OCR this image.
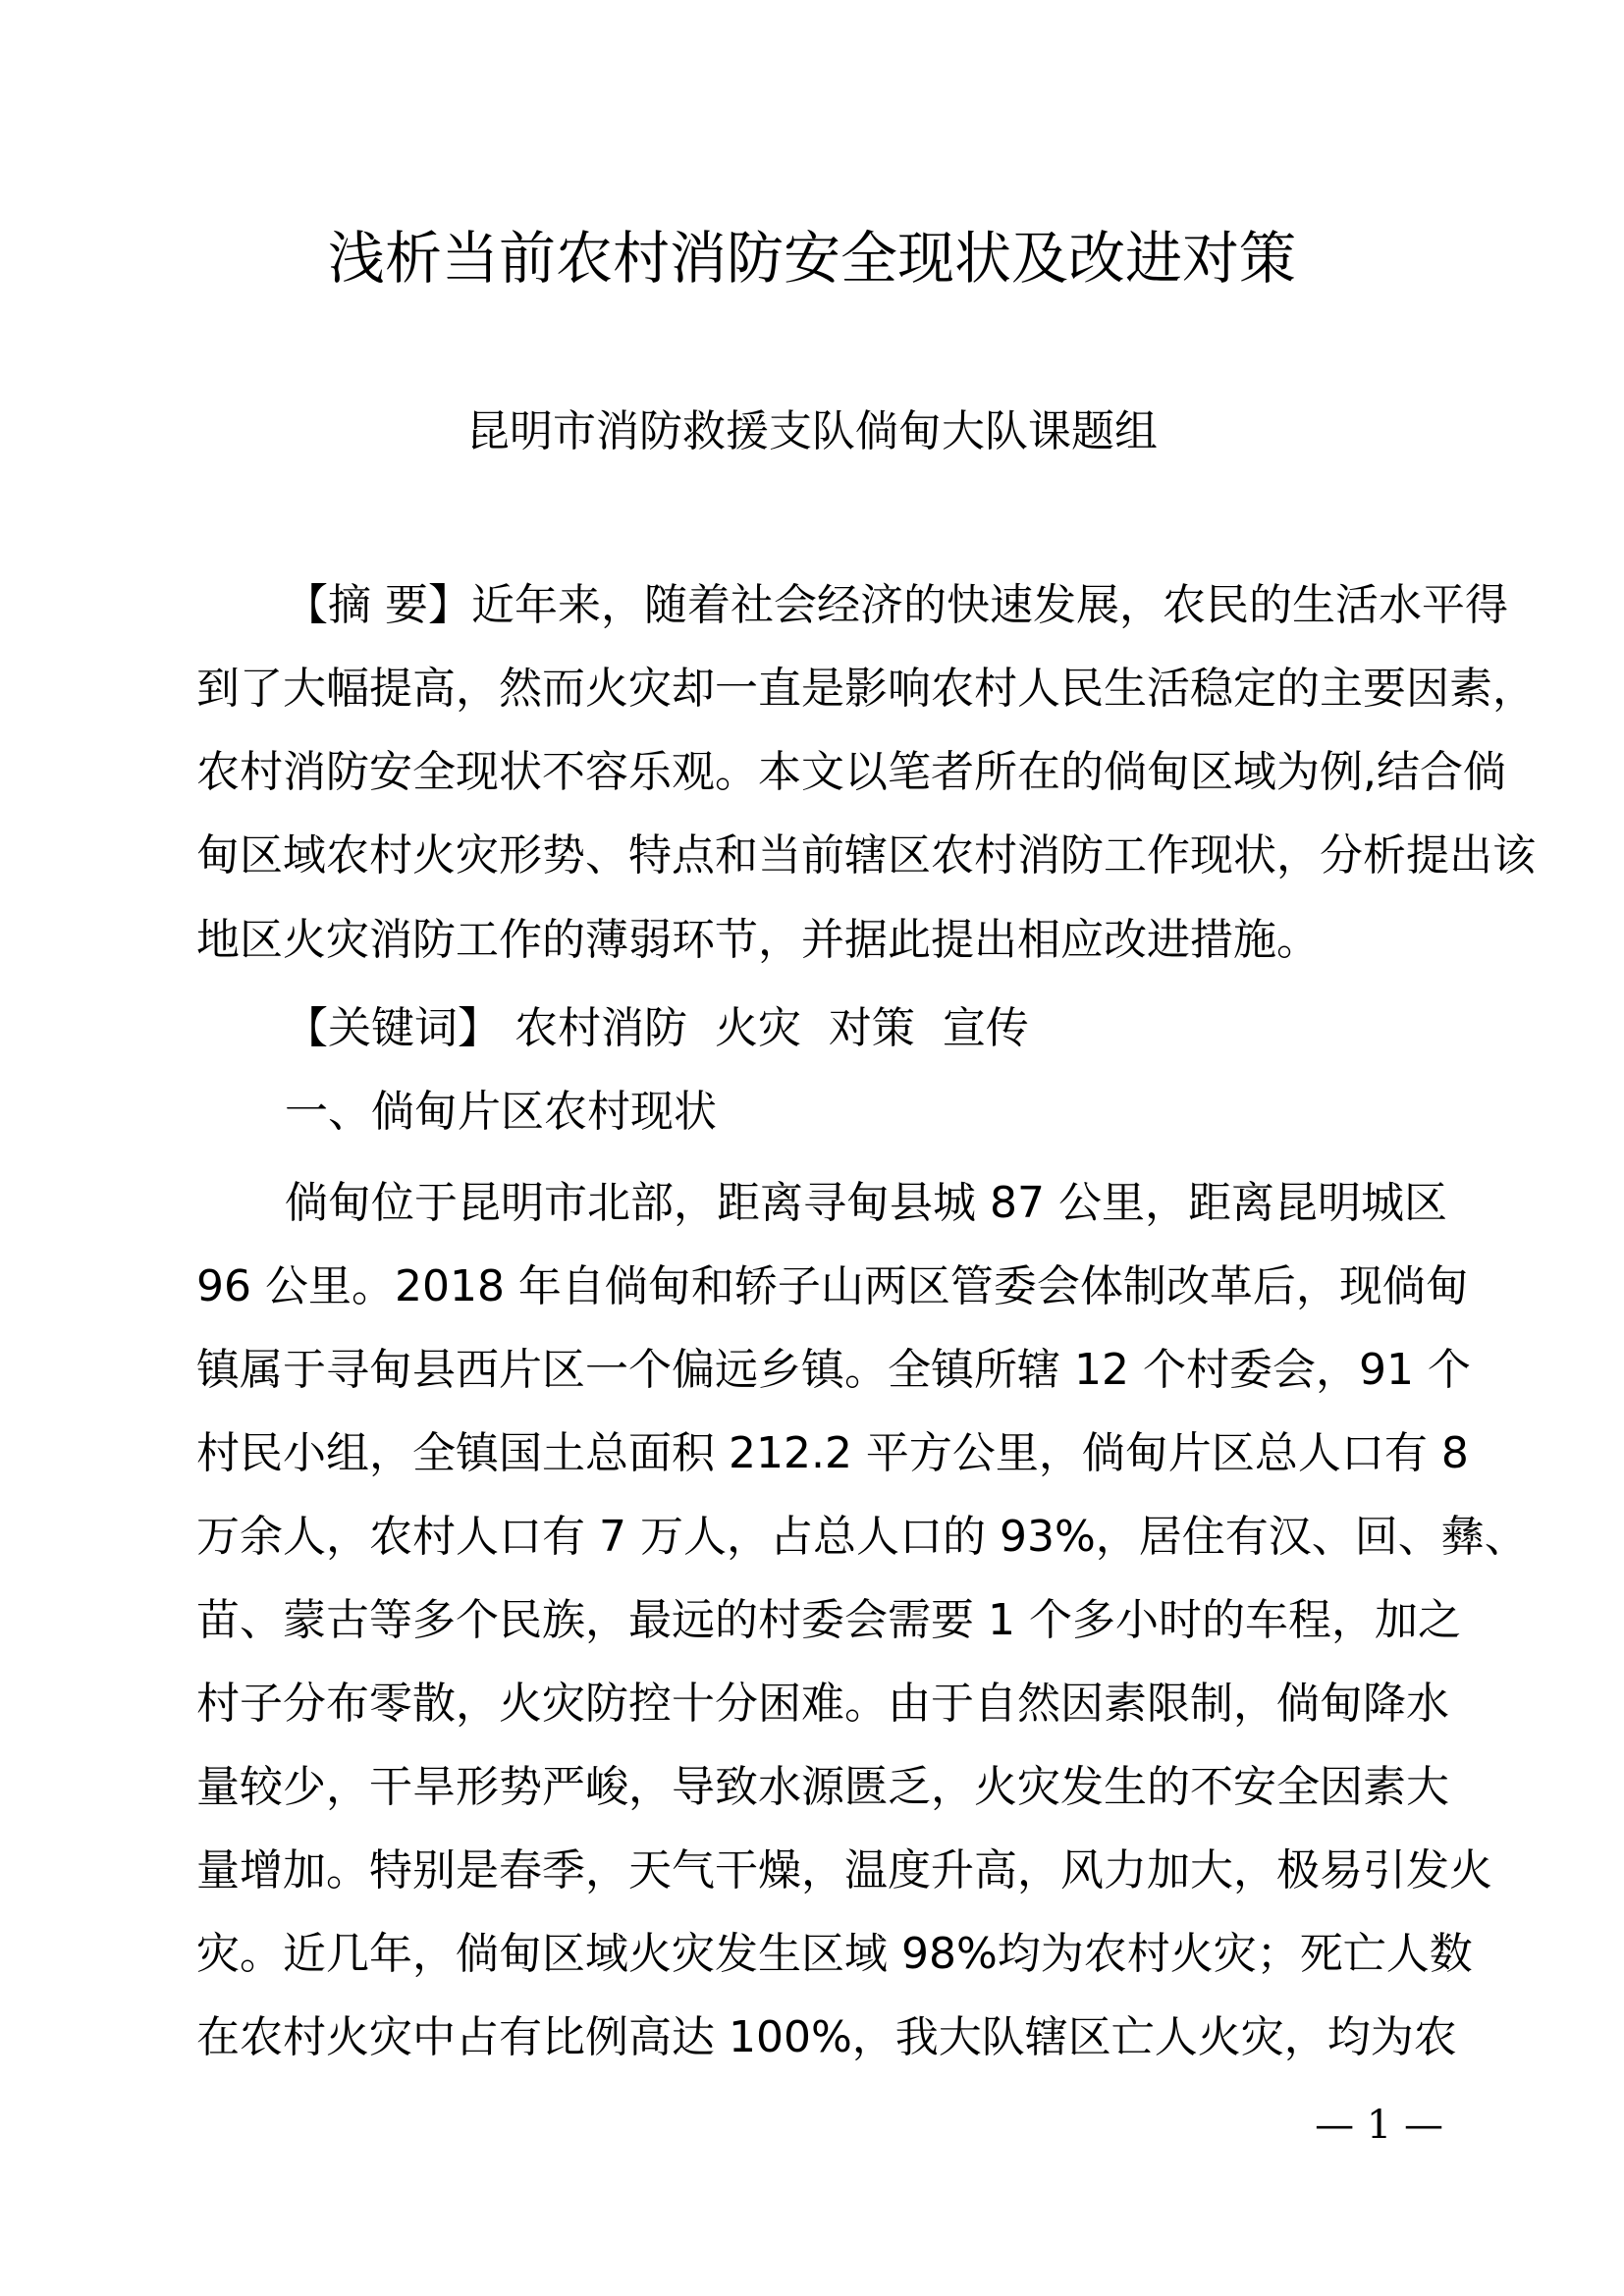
浅析当前农村消防安全现状及改进对策
昆明市消防救援支队倘甸大队课题组
【摘 要】近年来，随着社会经济的快速发展，农民的生活水平得
到了大幅提高，然而火灾却一直是影响农村人民生活稳定的主要因素，
农村消防安全现状不容乐观。本文以笔者所在的倘甸区域为例,结合倘
甸区域农村火灾形势、特点和当前辖区农村消防工作现状，分析提出该
地区火灾消防工作的薄弱环节，并据此提出相应改进措施。
【关键词】 农村消防  火灾  对策  宣传
一、倘甸片区农村现状
倘甸位于昆明市北部，距离寻甸县城 87 公里，距离昆明城区
96 公里。2018 年自倘甸和轿子山两区管委会体制改革后，现倘甸
镇属于寻甸县西片区一个偏远乡镇。全镇所辖 12 个村委会，91 个
村民小组，全镇国土总面积 212.2 平方公里，倘甸片区总人口有 8
万余人，农村人口有 7 万人，占总人口的 93%，居住有汉、回、彝、
苗、蒙古等多个民族，最远的村委会需要 1 个多小时的车程，加之
村子分布零散，火灾防控十分困难。由于自然因素限制，倘甸降水
量较少，干旱形势严峻，导致水源匮乏，火灾发生的不安全因素大
量增加。特别是春季，天气干燥，温度升高，风力加大，极易引发火
灾。近几年，倘甸区域火灾发生区域 98%均为农村火灾；死亡人数
在农村火灾中占有比例高达 100%，我大队辖区亡人火灾，均为农
— 1 —
